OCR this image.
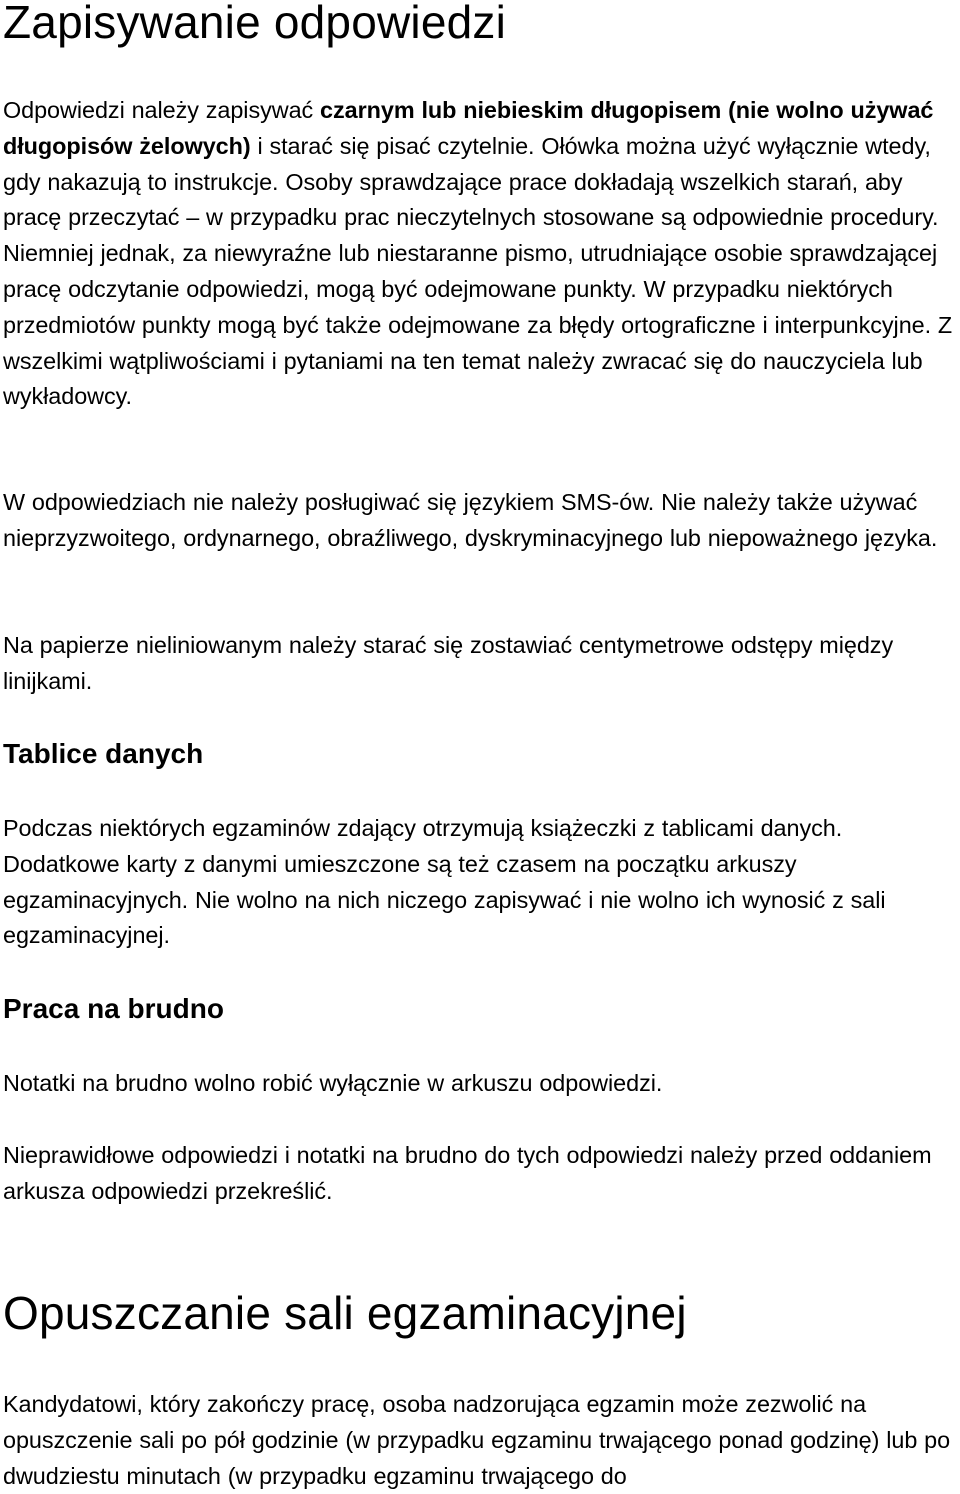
Zapisywanie odpowiedzi

Odpowiedzi należy zapisywać czarnym lub niebieskim długopisem (nie wolno używać długopisów żelowych) i starać się pisać czytelnie. Ołówka można użyć wyłącznie wtedy, gdy nakazują to instrukcje. Osoby sprawdzające prace dokładają wszelkich starań, aby pracę przeczytać – w przypadku prac nieczytelnych stosowane są odpowiednie procedury. Niemniej jednak, za niewyraźne lub niestaranne pismo, utrudniające osobie sprawdzającej pracę odczytanie odpowiedzi, mogą być odejmowane punkty. W przypadku niektórych przedmiotów punkty mogą być także odejmowane za błędy ortograficzne i interpunkcyjne. Z wszelkimi wątpliwościami i pytaniami na ten temat należy zwracać się do nauczyciela lub wykładowcy.

W odpowiedziach nie należy posługiwać się językiem SMS-ów. Nie należy także używać nieprzyzwoitego, ordynarnego, obraźliwego, dyskryminacyjnego lub niepoważnego języka.

Na papierze nieliniowanym należy starać się zostawiać centymetrowe odstępy między linijkami.

Tablice danych

Podczas niektórych egzaminów zdający otrzymują książeczki z tablicami danych. Dodatkowe karty z danymi umieszczone są też czasem na początku arkuszy egzaminacyjnych. Nie wolno na nich niczego zapisywać i nie wolno ich wynosić z sali egzaminacyjnej.

Praca na brudno

Notatki na brudno wolno robić wyłącznie w arkuszu odpowiedzi.

Nieprawidłowe odpowiedzi i notatki na brudno do tych odpowiedzi należy przed oddaniem arkusza odpowiedzi przekreślić.

Opuszczanie sali egzaminacyjnej

Kandydatowi, który zakończy pracę, osoba nadzorująca egzamin może zezwolić na opuszczenie sali po pół godzinie (w przypadku egzaminu trwającego ponad godzinę) lub po dwudziestu minutach (w przypadku egzaminu trwającego do
